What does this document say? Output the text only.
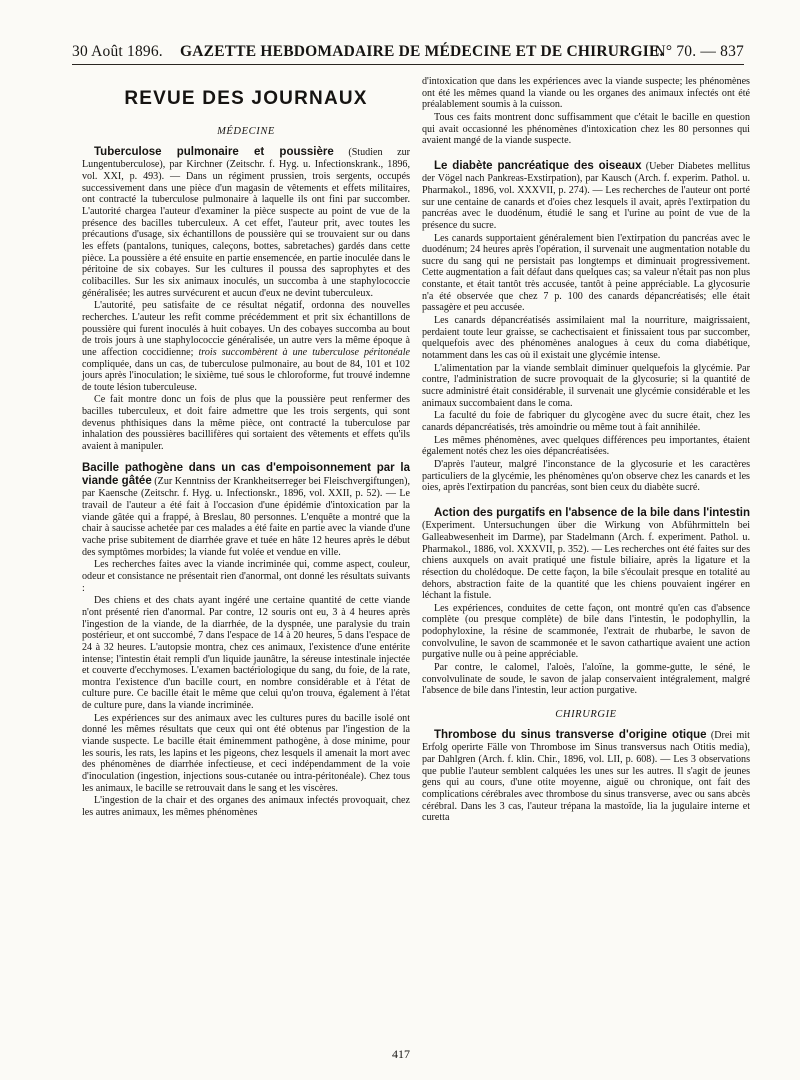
30 Août 1896. GAZETTE HEBDOMADAIRE DE MÉDECINE ET DE CHIRURGIE.
N° 70. — 837
REVUE DES JOURNAUX
MÉDECINE

Tuberculose pulmonaire et poussière (Studien zur Lungentuberculose), par Kirchner (Zeitschr. f. Hyg. u. Infectionskrank., 1896, vol. XXI, p. 493). — Dans un régiment prussien, trois sergents, occupés successivement dans une pièce d'un magasin de vêtements et effets militaires, ont contracté la tuberculose pulmonaire à laquelle ils ont fini par succomber. L'autorité chargea l'auteur d'examiner la pièce suspecte au point de vue de la présence des bacilles tuberculeux. A cet effet, l'auteur prit, avec toutes les précautions d'usage, six échantillons de poussière qui se trouvaient sur ou dans les effets (pantalons, tuniques, caleçons, bottes, sabretaches) gardés dans cette pièce. La poussière a été ensuite en partie ensemencée, en partie inoculée dans le péritoine de six cobayes. Sur les cultures il poussa des saprophytes et des colibacilles. Sur les six animaux inoculés, un succomba à une staphylococcie généralisée; les autres survécurent et aucun d'eux ne devint tuberculeux.

L'autorité, peu satisfaite de ce résultat négatif, ordonna des nouvelles recherches. L'auteur les refit comme précédemment et prit six échantillons de poussière qui furent inoculés à huit cobayes. Un des cobayes succomba au bout de trois jours à une staphylococcie généralisée, un autre vers la même époque à une affection coccidienne; trois succombèrent à une tuberculose péritonéale compliquée, dans un cas, de tuberculose pulmonaire, au bout de 84, 101 et 102 jours après l'inoculation; le sixième, tué sous le chloroforme, fut trouvé indemne de toute lésion tuberculeuse.

Ce fait montre donc un fois de plus que la poussière peut renfermer des bacilles tuberculeux, et doit faire admettre que les trois sergents, qui sont devenus phthisiques dans la même pièce, ont contracté la tuberculose par inhalation des poussières bacillifères qui sortaient des vêtements et effets qu'ils avaient à manipuler.

Bacille pathogène dans un cas d'empoisonnement par la viande gâtée (Zur Kenntniss der Krankheitserreger bei Fleischvergiftungen), par Kaensche (Zeitschr. f. Hyg. u. Infectionskr., 1896, vol. XXII, p. 52). — Le travail de l'auteur a été fait à l'occasion d'une épidémie d'intoxication par la viande gâtée qui a frappé, à Breslau, 80 personnes. L'enquête a montré que la chair à saucisse achetée par ces malades a été faite en partie avec la viande d'une vache prise subitement de diarrhée grave et tuée en hâte 12 heures après le début des symptômes morbides; la viande fut volée et vendue en ville.

Les recherches faites avec la viande incriminée qui, comme aspect, couleur, odeur et consistance ne présentait rien d'anormal, ont donné les résultats suivants :

Des chiens et des chats ayant ingéré une certaine quantité de cette viande n'ont présenté rien d'anormal. Par contre, 12 souris ont eu, 3 à 4 heures après l'ingestion de la viande, de la diarrhée, de la dyspnée, une paralysie du train postérieur, et ont succombé, 7 dans l'espace de 14 à 20 heures, 5 dans l'espace de 24 à 32 heures. L'autopsie montra, chez ces animaux, l'existence d'une entérite intense; l'intestin était rempli d'un liquide jaunâtre, la séreuse intestinale injectée et couverte d'ecchymoses. L'examen bactériologique du sang, du foie, de la rate, montra l'existence d'un bacille court, en nombre considérable et à l'état de culture pure. Ce bacille était le même que celui qu'on trouva, également à l'état de culture pure, dans la viande incriminée.

Les expériences sur des animaux avec les cultures pures du bacille isolé ont donné les mêmes résultats que ceux qui ont été obtenus par l'ingestion de la viande suspecte. Le bacille était éminemment pathogène, à dose minime, pour les souris, les rats, les lapins et les pigeons, chez lesquels il amenait la mort avec des phénomènes de diarrhée infectieuse, et ceci indépendamment de la voie d'inoculation (ingestion, injections sous-cutanée ou intra-péritonéale). Chez tous les animaux, le bacille se retrouvait dans le sang et les viscères.

L'ingestion de la chair et des organes des animaux infectés provoquait, chez les autres animaux, les mêmes phénomènes

d'intoxication que dans les expériences avec la viande suspecte; les phénomènes ont été les mêmes quand la viande ou les organes des animaux infectés ont été préalablement soumis à la cuisson.

Tous ces faits montrent donc suffisamment que c'était le bacille en question qui avait occasionné les phénomènes d'intoxication chez les 80 personnes qui avaient mangé de la viande suspecte.

Le diabète pancréatique des oiseaux (Ueber Diabetes mellitus der Vögel nach Pankreas-Exstirpation), par Kausch (Arch. f. experim. Pathol. u. Pharmakol., 1896, vol. XXXVII, p. 274). — Les recherches de l'auteur ont porté sur une centaine de canards et d'oies chez lesquels il avait, après l'extirpation du pancréas avec le duodénum, étudié le sang et l'urine au point de vue de la présence du sucre.

Les canards supportaient généralement bien l'extirpation du pancréas avec le duodénum; 24 heures après l'opération, il survenait une augmentation notable du sucre du sang qui ne persistait pas longtemps et diminuait progressivement. Cette augmentation a fait défaut dans quelques cas; sa valeur n'était pas non plus constante, et était tantôt très accusée, tantôt à peine appréciable. La glycosurie n'a été observée que chez 7 p. 100 des canards dépancréatisés; elle était passagère et peu accusée.

Les canards dépancréatisés assimilaient mal la nourriture, maigrissaient, perdaient toute leur graisse, se cachectisaient et finissaient tous par succomber, quelquefois avec des phénomènes analogues à ceux du coma diabétique, notamment dans les cas où il existait une glycémie intense.

L'alimentation par la viande semblait diminuer quelquefois la glycémie. Par contre, l'administration de sucre provoquait de la glycosurie; si la quantité de sucre administré était considérable, il survenait une glycémie considérable et les animaux succombaient dans le coma.

La faculté du foie de fabriquer du glycogène avec du sucre était, chez les canards dépancréatisés, très amoindrie ou même tout à fait annihilée.

Les mêmes phénomènes, avec quelques différences peu importantes, étaient également notés chez les oies dépancréatisées.

D'après l'auteur, malgré l'inconstance de la glycosurie et les caractères particuliers de la glycémie, les phénomènes qu'on observe chez les canards et les oies, après l'extirpation du pancréas, sont bien ceux du diabète sucré.

Action des purgatifs en l'absence de la bile dans l'intestin (Experiment. Untersuchungen über die Wirkung von Abführmitteln bei Galleabwesenheit im Darme), par Stadelmann (Arch. f. experiment. Pathol. u. Pharmakol., 1886, vol. XXXVII, p. 352). — Les recherches ont été faites sur des chiens auxquels on avait pratiqué une fistule biliaire, après la ligature et la résection du cholédoque. De cette façon, la bile s'écoulait presque en totalité au dehors, abstraction faite de la quantité que les chiens pouvaient ingérer en léchant la fistule.

Les expériences, conduites de cette façon, ont montré qu'en cas d'absence complète (ou presque complète) de bile dans l'intestin, le podophyllin, la podophyloxine, la résine de scammonée, l'extrait de rhubarbe, le savon de convolvuline, le savon de scammonée et le savon cathartique avaient une action purgative nulle ou à peine appréciable.

Par contre, le calomel, l'aloès, l'aloïne, la gomme-gutte, le séné, le convolvulinate de soude, le savon de jalap conservaient intégralement, malgré l'absence de bile dans l'intestin, leur action purgative.

CHIRURGIE

Thrombose du sinus transverse d'origine otique (Drei mit Erfolg operirte Fälle von Thrombose im Sinus transversus nach Otitis media), par Dahlgren (Arch. f. klin. Chir., 1896, vol. LII, p. 608). — Les 3 observations que publie l'auteur semblent calquées les unes sur les autres. Il s'agit de jeunes gens qui au cours, d'une otite moyenne, aiguë ou chronique, ont fait des complications cérébrales avec thrombose du sinus transverse, avec ou sans abcès cérébral. Dans les 3 cas, l'auteur trépana la mastoïde, lia la jugulaire interne et curetta

417
